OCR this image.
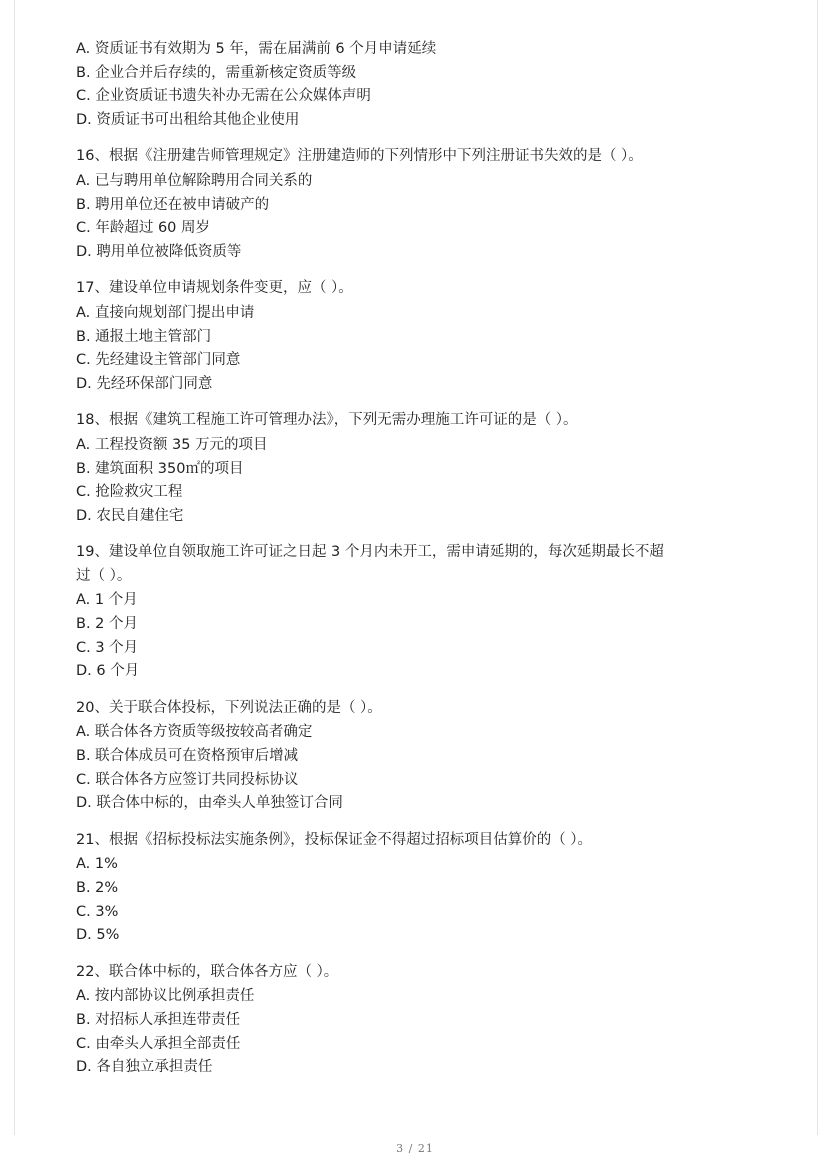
A. 资质证书有效期为 5 年，需在届满前 6 个月申请延续
B. 企业合并后存续的，需重新核定资质等级
C. 企业资质证书遗失补办无需在公众媒体声明
D. 资质证书可出租给其他企业使用
16、根据《注册建告师管理规定》注册建造师的下列情形中下列注册证书失效的是（ ）。
A. 已与聘用单位解除聘用合同关系的
B. 聘用单位还在被申请破产的
C. 年龄超过 60 周岁
D. 聘用单位被降低资质等
17、建设单位申请规划条件变更，应（ ）。
A. 直接向规划部门提出申请
B. 通报土地主管部门
C. 先经建设主管部门同意
D. 先经环保部门同意
18、根据《建筑工程施工许可管理办法》，下列无需办理施工许可证的是（ ）。
A. 工程投资额 35 万元的项目
B. 建筑面积 350㎡的项目
C. 抢险救灾工程
D. 农民自建住宅
19、建设单位自领取施工许可证之日起 3 个月内未开工，需申请延期的，每次延期最长不超
过（ ）。
A. 1 个月
B. 2 个月
C. 3 个月
D. 6 个月
20、关于联合体投标，下列说法正确的是（ ）。
A. 联合体各方资质等级按较高者确定
B. 联合体成员可在资格预审后增减
C. 联合体各方应签订共同投标协议
D. 联合体中标的，由牵头人单独签订合同
21、根据《招标投标法实施条例》，投标保证金不得超过招标项目估算价的（ ）。
A. 1%
B. 2%
C. 3%
D. 5%
22、联合体中标的，联合体各方应（ ）。
A. 按内部协议比例承担责任
B. 对招标人承担连带责任
C. 由牵头人承担全部责任
D. 各自独立承担责任
3 / 21
